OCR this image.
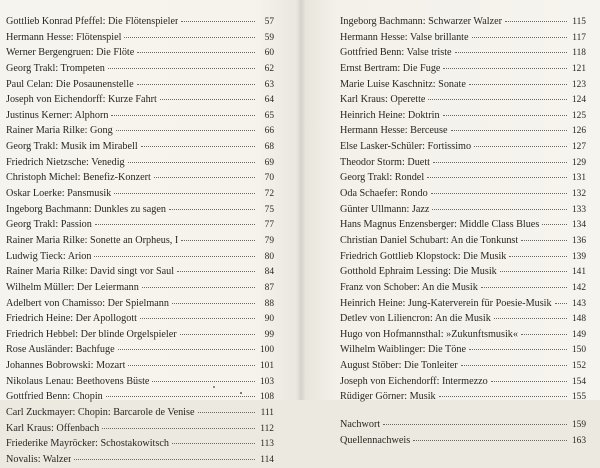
Gottlieb Konrad Pfeffel: Die Flötenspieler	57
Hermann Hesse: Flötenspiel	59
Werner Bergengruen: Die Flöte	60
Georg Trakl: Trompeten	62
Paul Celan: Die Posaunenstelle	63
Joseph von Eichendorff: Kurze Fahrt	64
Justinus Kerner: Alphorn	65
Rainer Maria Rilke: Gong	66
Georg Trakl: Musik im Mirabell	68
Friedrich Nietzsche: Venedig	69
Christoph Michel: Benefiz-Konzert	70
Oskar Loerke: Pansmusik	72
Ingeborg Bachmann: Dunkles zu sagen	75
Georg Trakl: Passion	77
Rainer Maria Rilke: Sonette an Orpheus, I	79
Ludwig Tieck: Arion	80
Rainer Maria Rilke: David singt vor Saul	84
Wilhelm Müller: Der Leiermann	87
Adelbert von Chamisso: Der Spielmann	88
Friedrich Heine: Der Apollogott	90
Friedrich Hebbel: Der blinde Orgelspieler	99
Rose Ausländer: Bachfuge	100
Johannes Bobrowski: Mozart	101
Nikolaus Lenau: Beethovens Büste	103
Gottfried Benn: Chopin	108
Carl Zuckmayer: Chopin: Barcarole de Venise	111
Karl Kraus: Offenbach	112
Friederike Mayröcker: Schostakowitsch	113
Novalis: Walzer	114
Ingeborg Bachmann: Schwarzer Walzer	115
Hermann Hesse: Valse brillante	117
Gottfried Benn: Valse triste	118
Ernst Bertram: Die Fuge	121
Marie Luise Kaschnitz: Sonate	123
Karl Kraus: Operette	124
Heinrich Heine: Doktrin	125
Hermann Hesse: Berceuse	126
Else Lasker-Schüler: Fortissimo	127
Theodor Storm: Duett	129
Georg Trakl: Rondel	131
Oda Schaefer: Rondo	132
Günter Ullmann: Jazz	133
Hans Magnus Enzensberger: Middle Class Blues	134
Christian Daniel Schubart: An die Tonkunst	136
Friedrich Gottlieb Klopstock: Die Musik	139
Gotthold Ephraim Lessing: Die Musik	141
Franz von Schober: An die Musik	142
Heinrich Heine: Jung-Katerverein für Poesie-Musik 143
Detlev von Liliencron: An die Musik	148
Hugo von Hofmannsthal: »Zukunftsmusik«	149
Wilhelm Waiblinger: Die Töne	150
August Stöber: Die Tonleiter	152
Joseph von Eichendorff: Intermezzo	154
Rüdiger Görner: Musik	155
Nachwort	159
Quellennachweis	163
